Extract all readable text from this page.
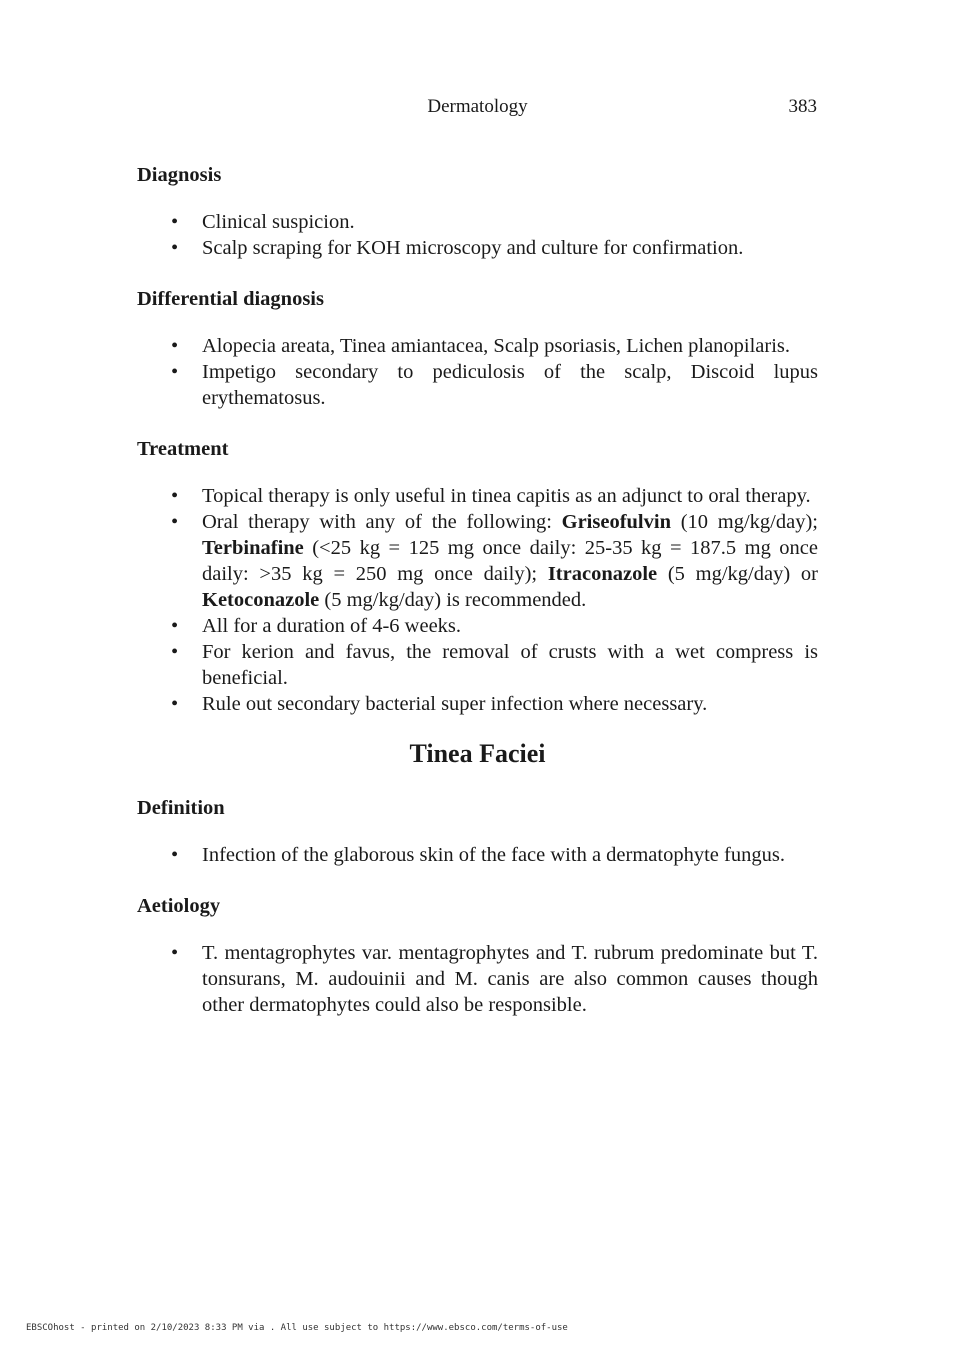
Dermatology	383
Diagnosis
• Clinical suspicion.
• Scalp scraping for KOH microscopy and culture for confirmation.
Differential diagnosis
• Alopecia areata, Tinea amiantacea, Scalp psoriasis, Lichen planopilaris.
• Impetigo secondary to pediculosis of the scalp, Discoid lupus erythematosus.
Treatment
• Topical therapy is only useful in tinea capitis as an adjunct to oral therapy.
• Oral therapy with any of the following: Griseofulvin (10 mg/kg/day); Terbinafine (<25 kg = 125 mg once daily: 25-35 kg = 187.5 mg once daily: >35 kg = 250 mg once daily); Itraconazole (5 mg/kg/day) or Ketoconazole (5 mg/kg/day) is recommended.
• All for a duration of 4-6 weeks.
• For kerion and favus, the removal of crusts with a wet compress is beneficial.
• Rule out secondary bacterial super infection where necessary.
Tinea Faciei
Definition
• Infection of the glaborous skin of the face with a dermatophyte fungus.
Aetiology
• T. mentagrophytes var. mentagrophytes and T. rubrum predominate but T. tonsurans, M. audouinii and M. canis are also common causes though other dermatophytes could also be responsible.
EBSCOhost - printed on 2/10/2023 8:33 PM via . All use subject to https://www.ebsco.com/terms-of-use
